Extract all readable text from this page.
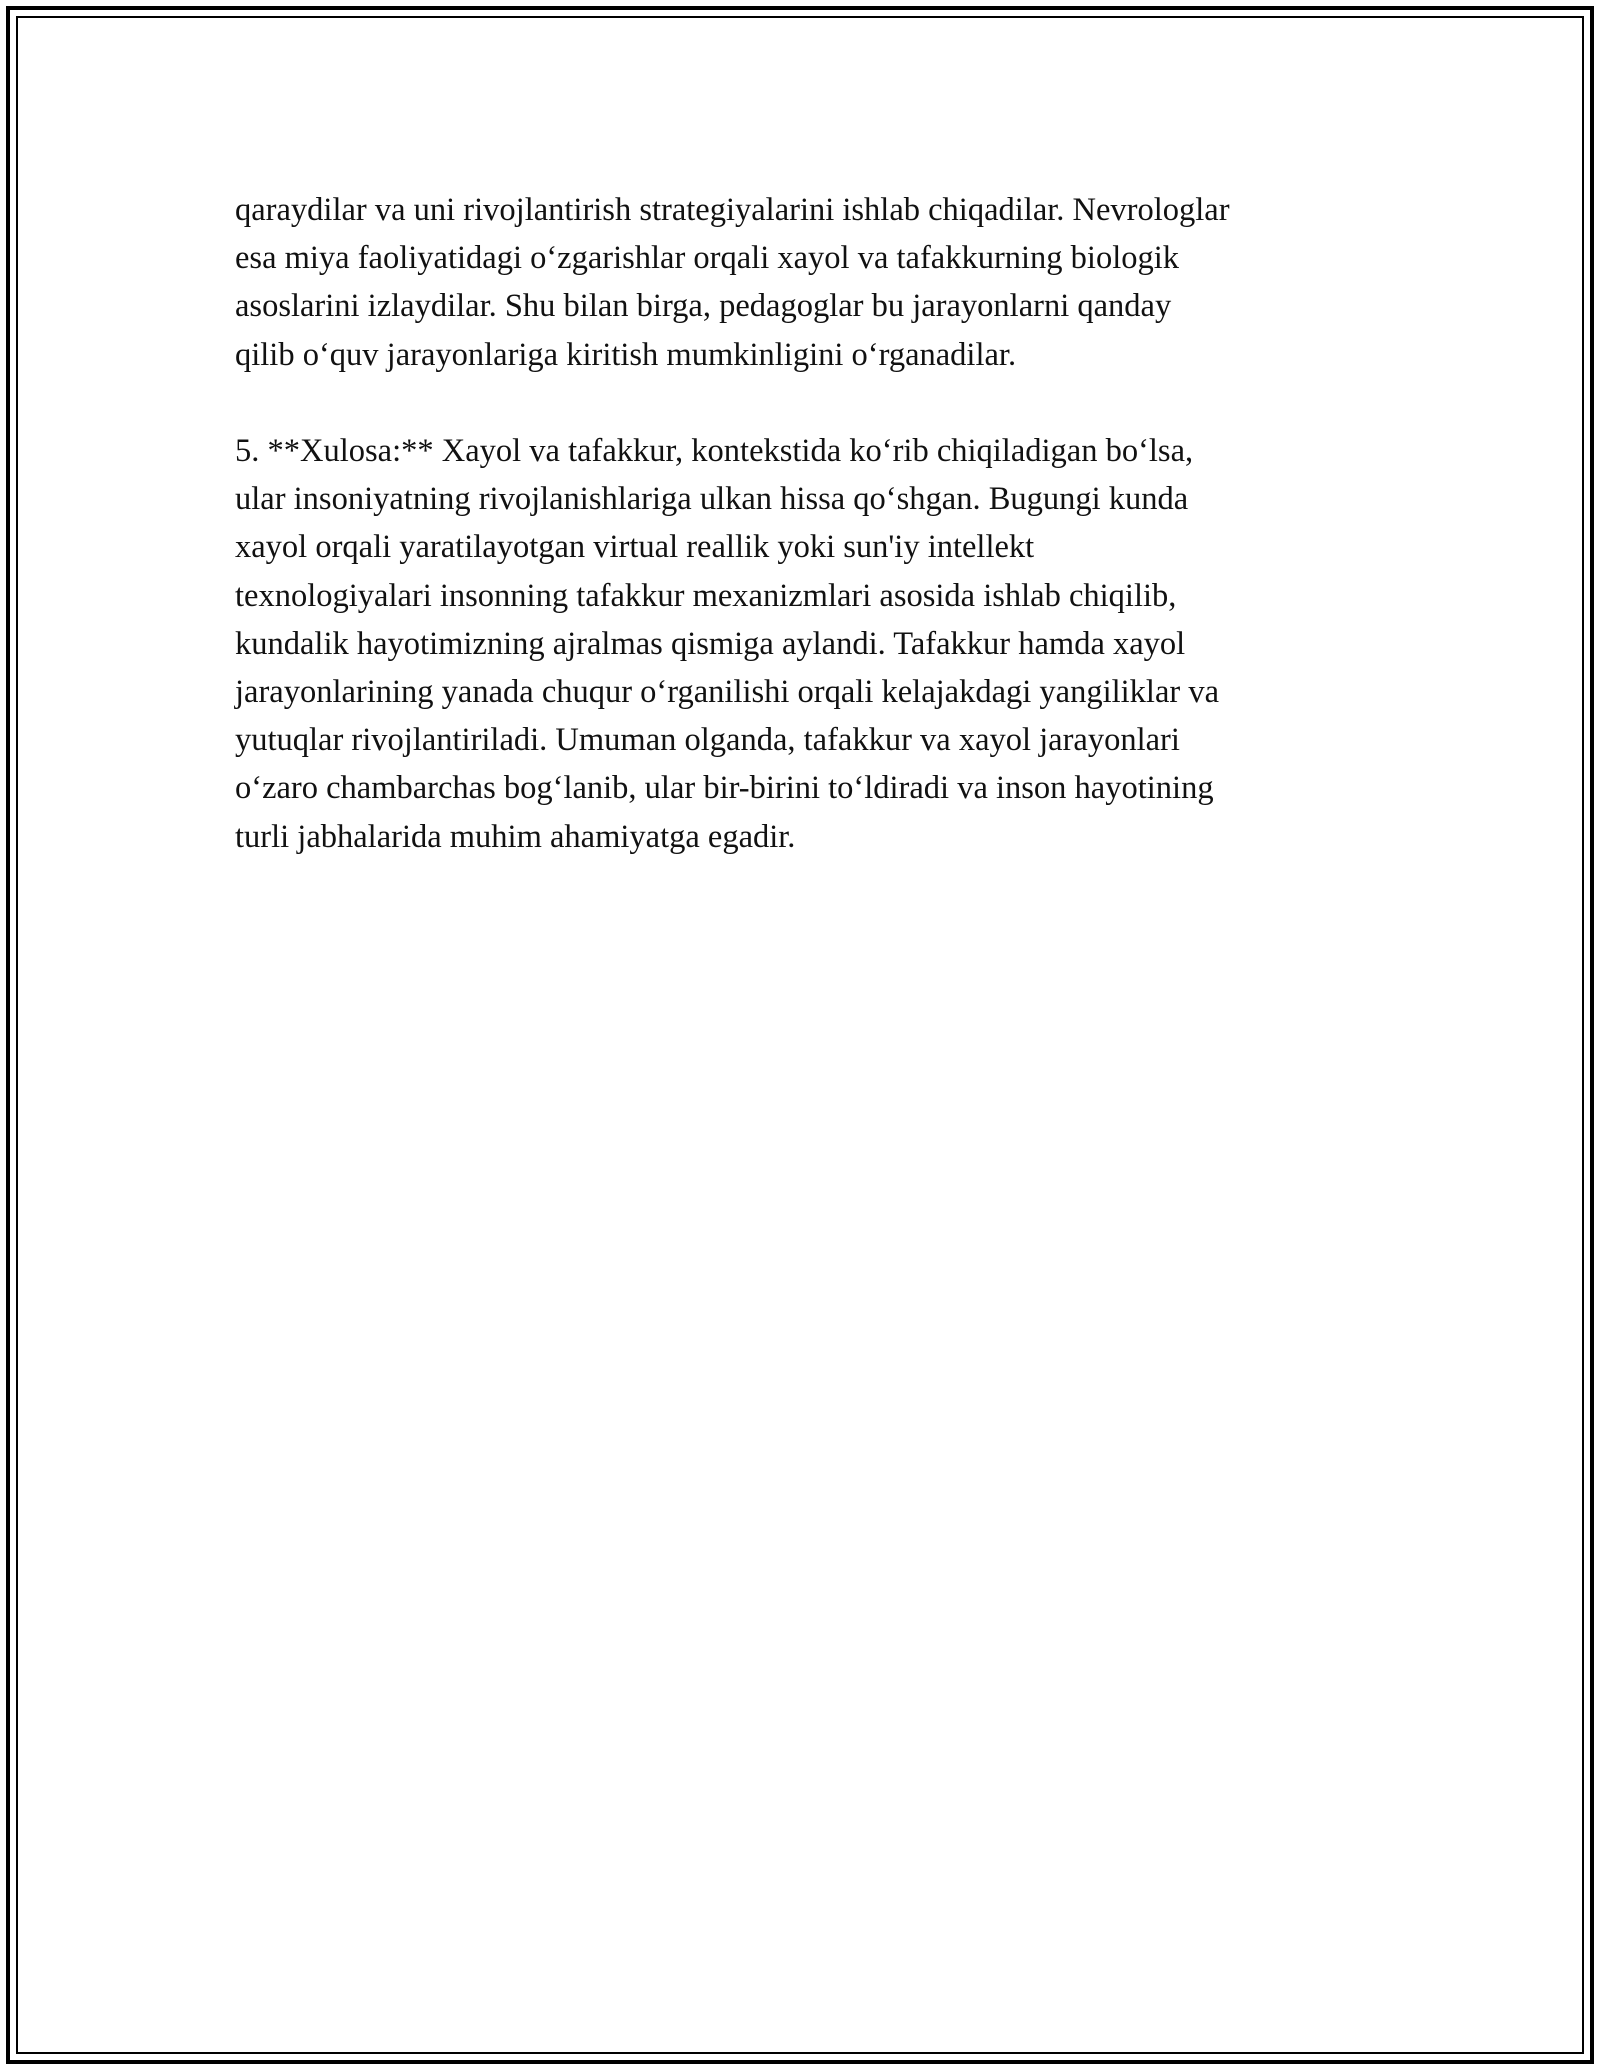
qaraydilar va uni rivojlantirish strategiyalarini ishlab chiqadilar. Nevrologlar
esa miya faoliyatidagi o‘zgarishlar orqali xayol va tafakkurning biologik
asoslarini izlaydilar. Shu bilan birga, pedagoglar bu jarayonlarni qanday
qilib o‘quv jarayonlariga kiritish mumkinligini o‘rganadilar.
5. **Xulosa:** Xayol va tafakkur, kontekstida ko‘rib chiqiladigan bo‘lsa,
ular insoniyatning rivojlanishlariga ulkan hissa qo‘shgan. Bugungi kunda
xayol orqali yaratilayotgan virtual reallik yoki sun'iy intellekt
texnologiyalari insonning tafakkur mexanizmlari asosida ishlab chiqilib,
kundalik hayotimizning ajralmas qismiga aylandi. Tafakkur hamda xayol
jarayonlarining yanada chuqur o‘rganilishi orqali kelajakdagi yangiliklar va
yutuqlar rivojlantiriladi. Umuman olganda, tafakkur va xayol jarayonlari
o‘zaro chambarchas bog‘lanib, ular bir-birini to‘ldiradi va inson hayotining
turli jabhalarida muhim ahamiyatga egadir.
